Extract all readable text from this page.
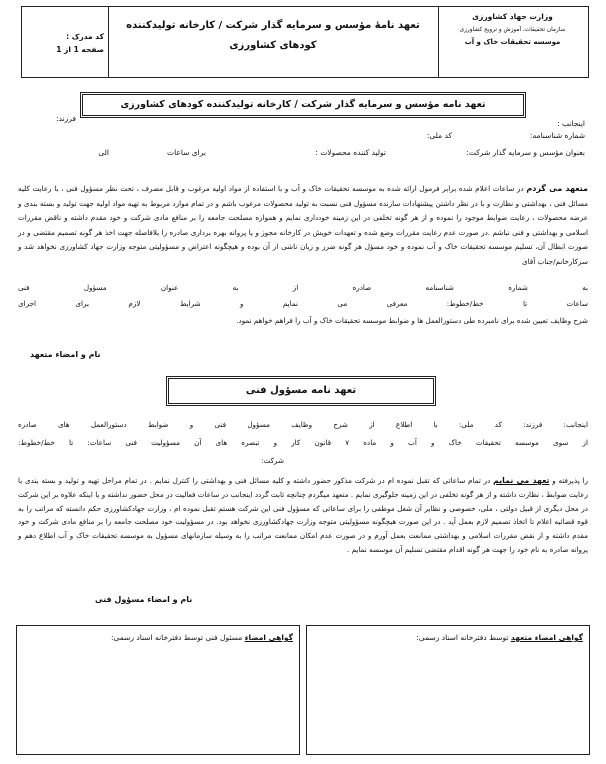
وزارت جهاد کشاورزی
سازمان تحقیقات، آموزش و ترویج کشاورزی
موسسه تحقیقات خاک و آب
تعهد نامهٔ مؤسس و سرمایه گذار شرکت / کارخانه تولیدکننده
کودهای کشاورزی
کد مدرک :
صفحه 1 از 1
تعهد نامه مؤسس و سرمایه گذار شرکت / کارخانه تولیدکننده کودهای کشاورزی
اینجانب :
فرزند:
شماره شناسنامه:
کد ملی:
بعنوان مؤسس و سرمایه گذار شرکت:
تولید کننده محصولات :
برای ساعات
الی
متعهد می گردم در ساعات اعلام شده برابر فرمول ارائه شده به موسسه تحقیقات خاک و آب و با استفاده از مواد اولیه مرغوب و قابل مصرف ، تحت نظر مسؤول فنی ، با رعایت کلیه مسائل فنی ، بهداشتی و نظارت و با در نظر داشتن پیشنهادات سازنده مسؤول فنی نسبت به تولید محصولات مرغوب باشم و در تمام موارد مربوط به تهیه مواد اولیه جهت تولید و بسته بندی و عرضه محصولات ، رعایت ضوابط موجود را نموده و از هر گونه تخلفی در این زمینه خودداری نمایم و همواره مصلحت جامعه را بر منافع مادی شرکت و خود مقدم داشته و ناقض مقررات اسلامی و بهداشتی و فنی نباشم .در صورت عدم رعایت مقررات وضع شده و تعهدات خویش در کارخانه مجوز و یا پروانه بهره برداری صادره را بلافاصله جهت اخذ هر گونه تصمیم مقتضی و در صورت ابطال آن، تسلیم موسسه تحقیقات خاک و آب نموده و خود مسؤل هر گونه ضرر و زیان ناشی از آن بوده و هیچگونه اعتراض و مسؤولیتی متوجه وزارت جهاد کشاورزی نخواهد شد و سرکارخانم/جناب آقای
به شماره شناسنامه صادره از به عنوان مسؤول فنی
ساعات تا خط/خطوط: معرفی می نمایم و شرایط لازم برای اجرای
شرح وظایف تعیین شده برای نامبرده طی دستورالعمل ها و ضوابط موسسه تحقیقات خاک و آب را فراهم خواهم نمود.
نام و امضاء متعهد
تعهد نامه مسؤول فنی
اینجانب: فرزند: کد ملی: با اطلاع از شرح وظایف مسؤول فنی و ضوابط دستورالعمل های صادره
از سوی موسسه تحقیقات خاک و آب و ماده ۷ قانون کار و تبصره های آن مسؤولیت فنی ساعات: تا خط/خطوط:
شرکت:
را پذیرفته و تعهد می نمایم در تمام ساعاتی که تقبل نموده ام در شرکت مذکور حضور داشته و کلیه مسائل فنی و بهداشتی را کنترل نمایم . در تمام مراحل تهیه و تولید و بسته بندی با رعایت ضوابط ، نظارت داشته و از هر گونه تخلفی در این زمینه جلوگیری نمایم . متعهد میگردم چنانچه ثابت گردد اینجانب در ساعات فعالیت در محل حضور نداشته و یا اینکه علاوه بر این شرکت در محل دیگری از قبیل دولتی ، ملی، خصوصی و نظایر آن شغل موظفی را برای ساعاتی که مسؤول فنی این شرکت هستم تقبل نموده ام ، وزارت جهادکشاورزی حکم دانسته که مراتب را به قوه قضائیه اعلام تا اتخاذ تصمیم لازم بعمل آید . در این صورت هیچگونه مسؤولیتی متوجه وزارت جهادکشاورزی نخواهد بود. در مسؤولیت خود مصلحت جامعه را بر منافع مادی شرکت و خود مقدم داشته و از نقض مقررات اسلامی و بهداشتی ممانعت بعمل آورم و در صورت عدم امکان ممانعت مراتب را به وسیله سازمانهای مسؤول به موسسه تحقیقات خاک و آب اطلاع دهم و پروانه صادره به نام خود را جهت هر گونه اقدام مقتضی تسلیم آن موسسه نمایم .
نام و امضاء مسؤول فنی
گواهی امضاء متعهد توسط دفترخانه اسناد رسمی:
گواهی امضاء مسئول فنی توسط دفترخانه اسناد رسمی:
